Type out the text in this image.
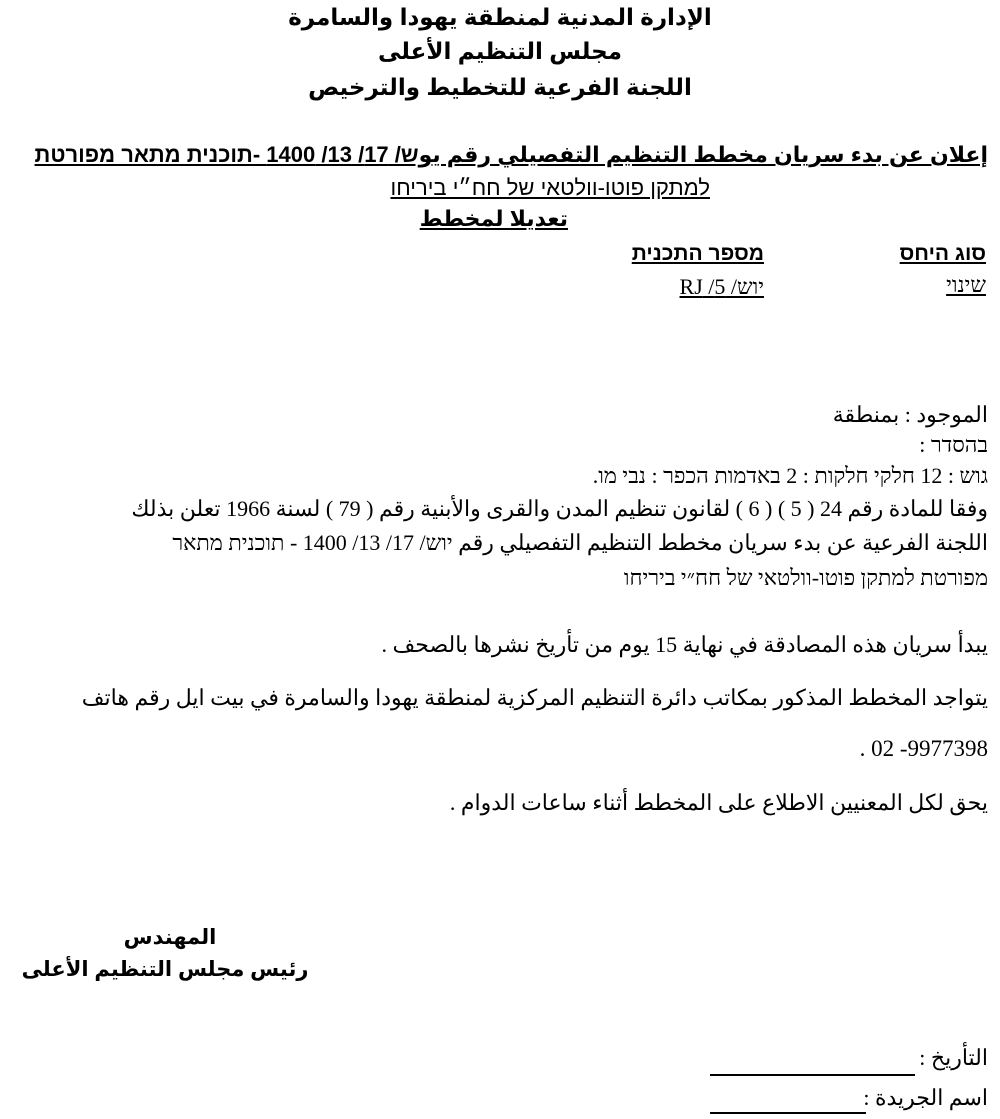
الإدارة المدنية لمنطقة يهودا والسامرة
مجلس التنظيم الأعلى
اللجنة الفرعية للتخطيط والترخيص
إعلان عن بدء سريان مخطط التنظيم التفصيلي رقم يوש/ 17/ 13/ 1400 -תוכנית מתאר מפורטת
למתקן פוטו-וולטאי של חח״י ביריחו
تعديلا لمخطط
סוג היחס
מספר התכנית
שינוי
יוש/ 5/ RJ
الموجود : بمنطقة
בהסדר :
גוש : 12 חלקי חלקות : 2 באדמות הכפר : נבי מו.
وفقا للمادة رقم 24 ( 5 ) ( 6 ) لقانون تنظيم المدن والقرى والأبنية رقم ( 79 ) لسنة 1966 تعلن بذلك
اللجنة الفرعية عن بدء سريان مخطط التنظيم التفصيلي رقم יוש/ 17/ 13/ 1400 - תוכנית מתאר
מפורטת למתקן פוטו-וולטאי של חח״י ביריחו
يبدأ سريان هذه المصادقة في نهاية 15 يوم من تأريخ نشرها بالصحف .
يتواجد المخطط المذكور بمكاتب دائرة التنظيم المركزية لمنطقة يهودا والسامرة في بيت ايل رقم هاتف
. 02 -9977398
يحق لكل المعنيين الاطلاع على المخطط أثناء ساعات الدوام .
المهندس
رئيس مجلس التنظيم الأعلى
التأريخ :
اسم الجريدة :
